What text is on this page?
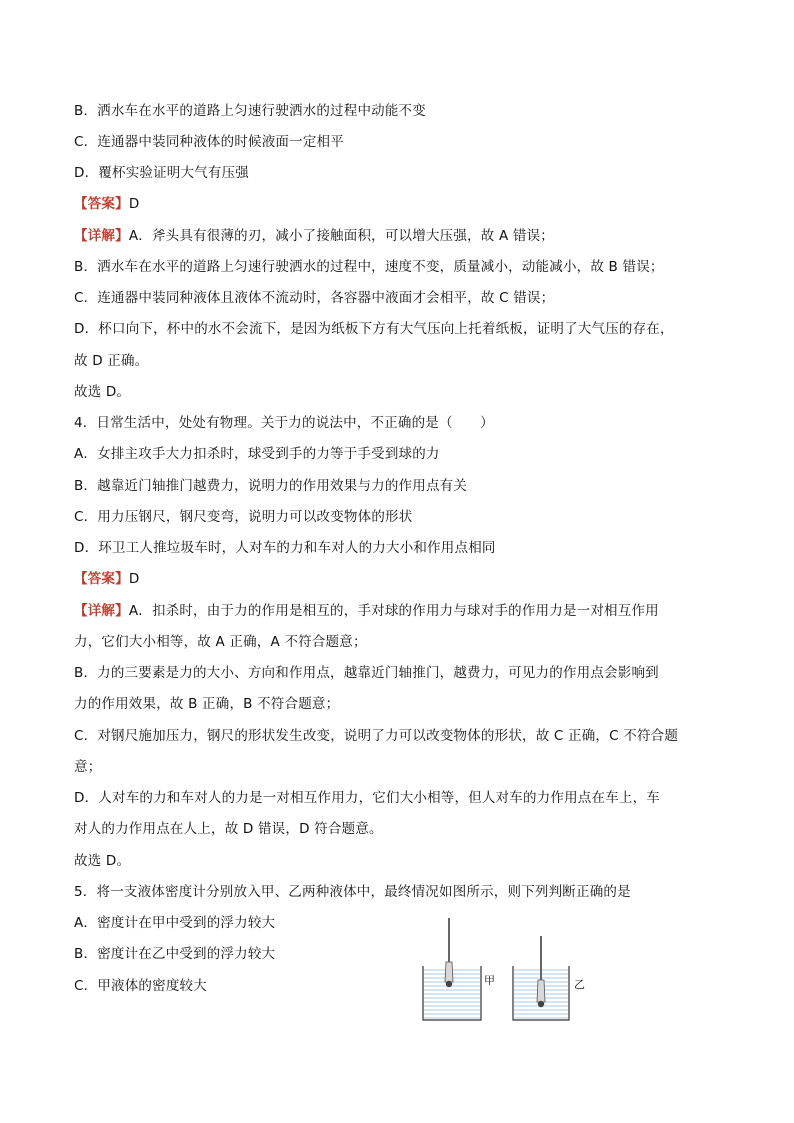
B．洒水车在水平的道路上匀速行驶洒水的过程中动能不变
C．连通器中装同种液体的时候液面一定相平
D．覆杯实验证明大气有压强
【答案】D
【详解】A．斧头具有很薄的刃，减小了接触面积，可以增大压强，故 A 错误；
B．洒水车在水平的道路上匀速行驶洒水的过程中，速度不变，质量减小，动能减小，故 B 错误；
C．连通器中装同种液体且液体不流动时，各容器中液面才会相平，故 C 错误；
D．杯口向下，杯中的水不会流下，是因为纸板下方有大气压向上托着纸板，证明了大气压的存在，
故 D 正确。
故选 D。
4．日常生活中，处处有物理。关于力的说法中，不正确的是（　　）
A．女排主攻手大力扣杀时，球受到手的力等于手受到球的力
B．越靠近门轴推门越费力，说明力的作用效果与力的作用点有关
C．用力压钢尺，钢尺变弯，说明力可以改变物体的形状
D．环卫工人推垃圾车时，人对车的力和车对人的力大小和作用点相同
【答案】D
【详解】A．扣杀时，由于力的作用是相互的，手对球的作用力与球对手的作用力是一对相互作用
力，它们大小相等，故 A 正确，A 不符合题意；
B．力的三要素是力的大小、方向和作用点，越靠近门轴推门，越费力，可见力的作用点会影响到
力的作用效果，故 B 正确，B 不符合题意；
C．对钢尺施加压力，钢尺的形状发生改变，说明了力可以改变物体的形状，故 C 正确，C 不符合题
意；
D．人对车的力和车对人的力是一对相互作用力，它们大小相等，但人对车的力作用点在车上，车
对人的力作用点在人上，故 D 错误，D 符合题意。
故选 D。
5．将一支液体密度计分别放入甲、乙两种液体中，最终情况如图所示，则下列判断正确的是
A．密度计在甲中受到的浮力较大
B．密度计在乙中受到的浮力较大
C．甲液体的密度较大	甲	乙
